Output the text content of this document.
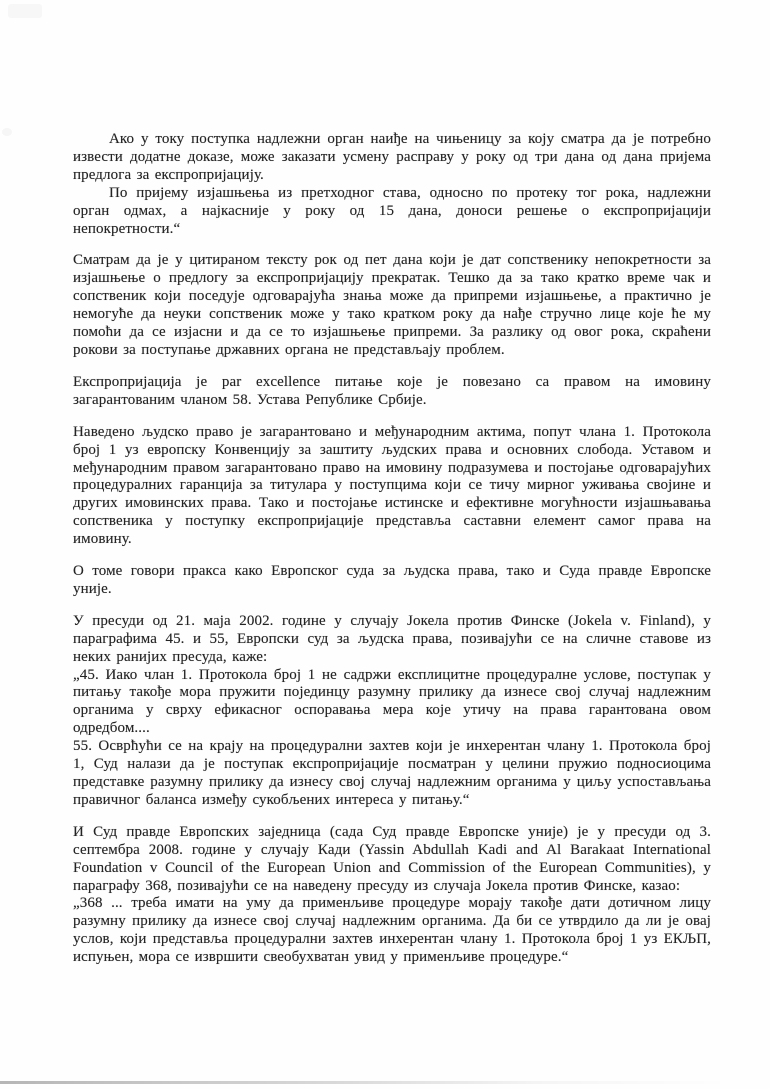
Ако у току поступка надлежни орган наиђе на чињеницу за коју сматра да је потребно извести додатне доказе, може заказати усмену расправу у року од три дана од дана пријема предлога за експропријацију.

По пријему изјашњења из претходног става, односно по протеку тог рока, надлежни орган одмах, а најкасније у року од 15 дана, доноси решење о експропријацији непокретности.“

Сматрам да је у цитираном тексту рок од пет дана који је дат сопственику непокретности за изјашњење о предлогу за експропријацију прекратак. Тешко да за тако кратко време чак и сопственик који поседује одговарајућа знања може да припреми изјашњење, а практично је немогуће да неуки сопственик може у тако кратком року да нађе стручно лице које ће му помоћи да се изјасни и да се то изјашњење припреми. За разлику од овог рока, скраћени рокови за поступање државних органа не представљају проблем.

Експропријација је par excellence питање које је повезано са правом на имовину загарантованим чланом 58. Устава Републике Србије.

Наведено људско право је загарантовано и међународним актима, попут члана 1. Протокола број 1 уз европску Конвенцију за заштиту људских права и основних слобода. Уставом и међународним правом загарантовано право на имовину подразумева и постојање одговарајућих процедуралних гаранција за титулара у поступцима који се тичу мирног уживања својине и других имовинских права. Тако и постојање истинске и ефективне могућности изјашњавања сопственика у поступку експропријације представља саставни елемент самог права на имовину.

О томе говори пракса како Европског суда за људска права, тако и Суда правде Европске уније.

У пресуди од 21. маја 2002. године у случају Јокела против Финске (Jokela v. Finland), у параграфима 45. и 55, Европски суд за људска права, позивајући се на сличне ставове из неких ранијих пресуда, каже:

„45. Иако члан 1. Протокола број 1 не садржи експлицитне процедуралне услове, поступак у питању такође мора пружити појединцу разумну прилику да изнесе свој случај надлежним органима у сврху ефикасног оспоравања мера које утичу на права гарантована овом одредбом....

55. Осврћући се на крају на процедурални захтев који је инхерентан члану 1. Протокола број 1, Суд налази да је поступак експропријације посматран у целини пружио подносиоцима представке разумну прилику да изнесу свој случај надлежним органима у циљу успостављања правичног баланса између сукобљених интереса у питању.“

И Суд правде Европских заједница (сада Суд правде Европске уније) је у пресуди од 3. септембра 2008. године у случају Кади (Yassin Abdullah Kadi and Al Barakaat International Foundation v Council of the European Union and Commission of the European Communities), у параграфу 368, позивајући се на наведену пресуду из случаја Јокела против Финске, казао:

„368 ... треба имати на уму да применљиве процедуре морају такође дати дотичном лицу разумну прилику да изнесе свој случај надлежним органима. Да би се утврдило да ли је овај услов, који представља процедурални захтев инхерентан члану 1. Протокола број 1 уз ЕКЉП, испуњен, мора се извршити свеобухватан увид у применљиве процедуре.“
